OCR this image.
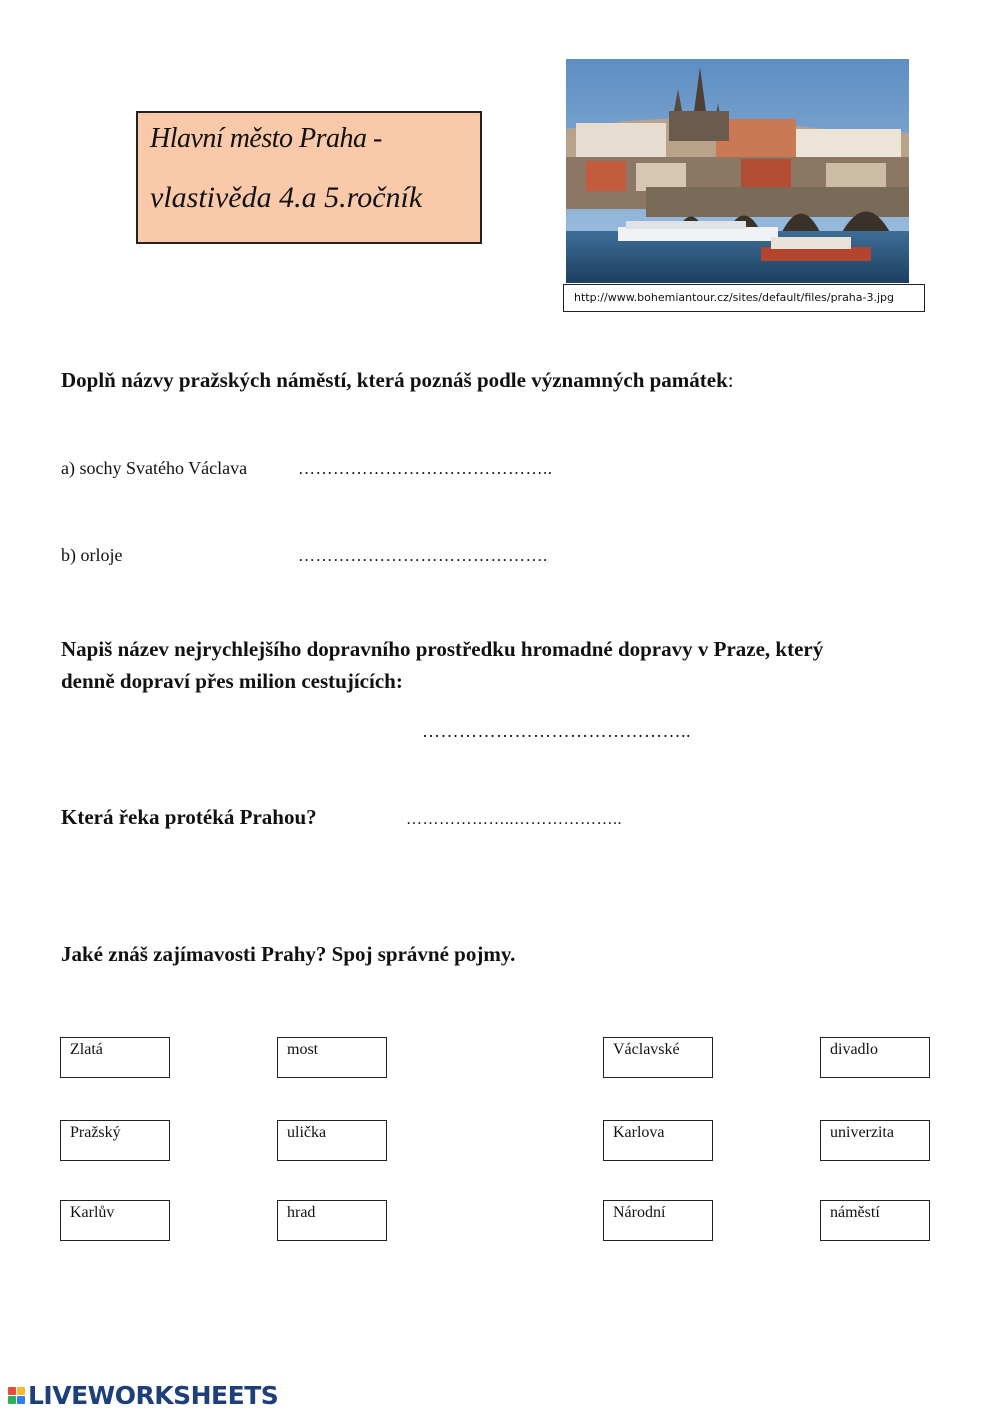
Hlavní město Praha -
vlastivěda 4.a 5.ročník
http://www.bohemiantour.cz/sites/default/files/praha-3.jpg
Doplň názvy pražských náměstí, která poznáš podle významných památek:
a) sochy Svatého Václava	……………………………………..
b) orloje	…………………………………….
Napiš název nejrychlejšího dopravního prostředku hromadné dopravy v Praze, který
denně dopraví přes milion cestujících:
……………………………………..
Která řeka protéká Prahou?	………………..………………..
Jaké znáš zajímavosti Prahy? Spoj správné pojmy.
Zlatá	most	Václavské	divadlo
Pražský	ulička	Karlova	univerzita
Karlův	hrad	Národní	náměstí
LIVEWORKSHEETS
